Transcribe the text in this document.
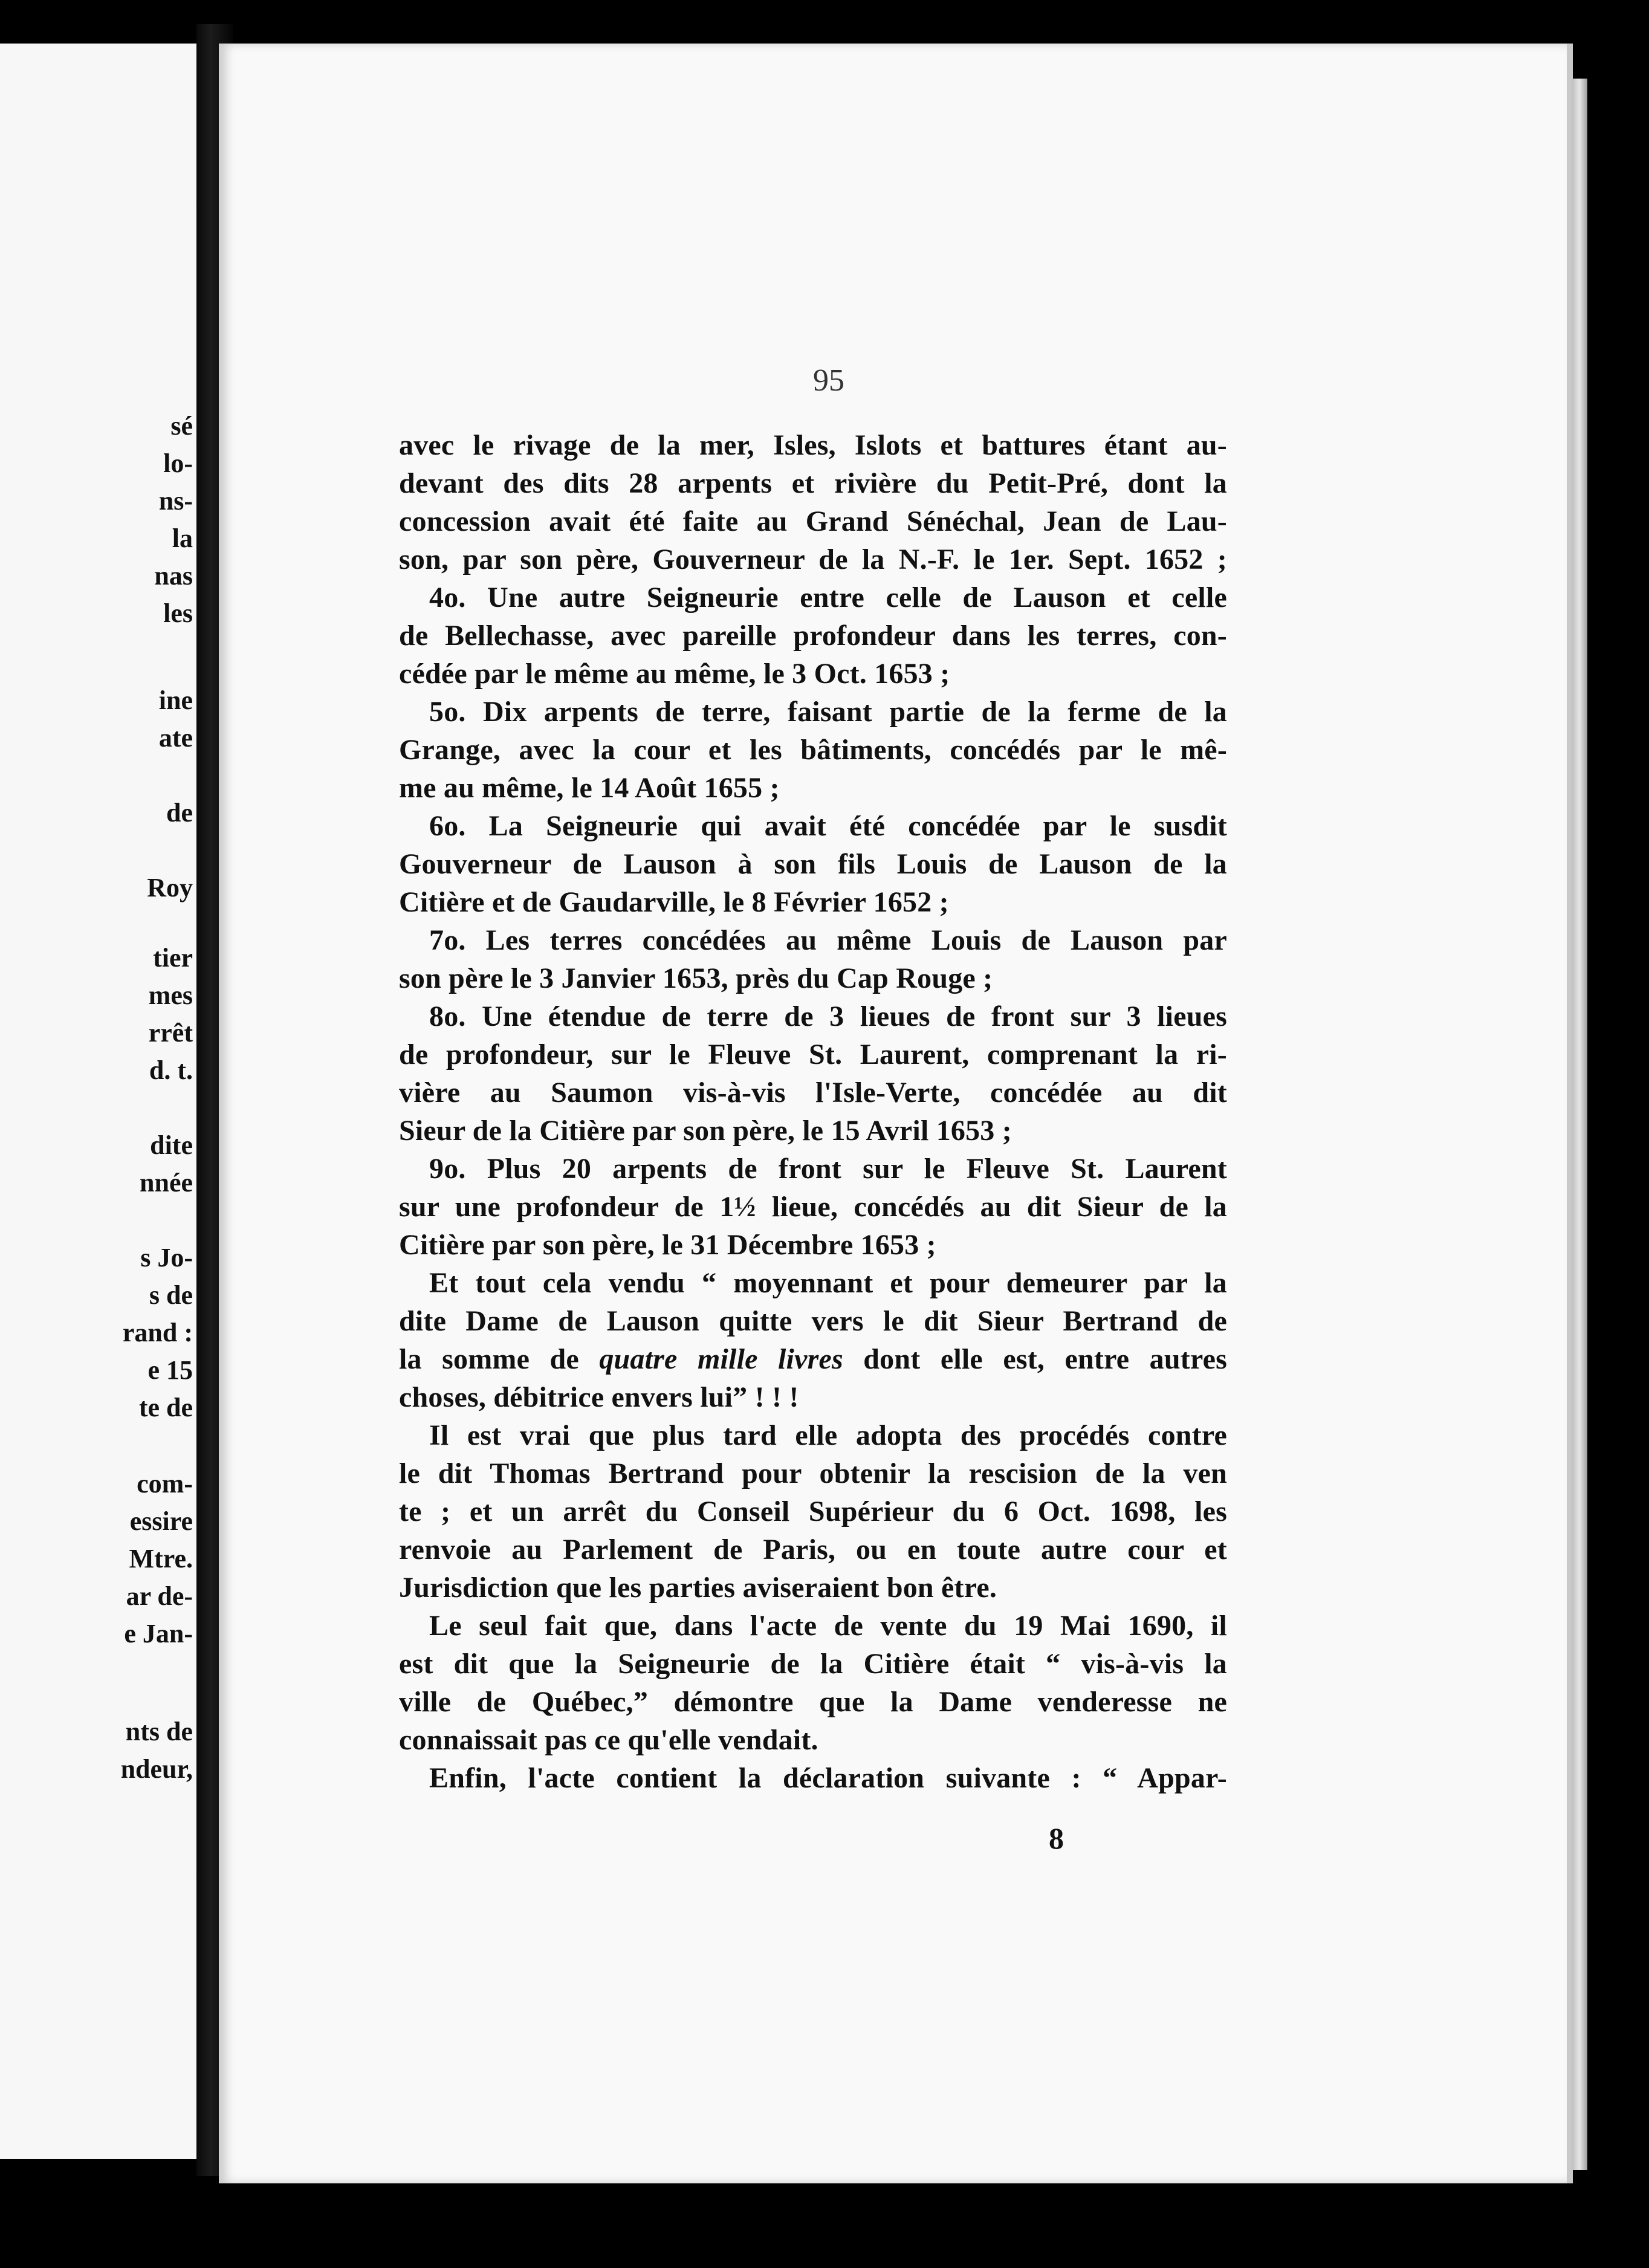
sé
lo-
ns-
la
nas
les
ine
ate
de
Roy
tier
mes
rrêt
d. t.
dite
nnée
s Jo-
s de
rand :
e 15
te de
com-
essire
Mtre.
ar de-
e Jan-
nts de
ndeur,
95
avec le rivage de la mer, Isles, Islots et battures étant au-
devant des dits 28 arpents et rivière du Petit-Pré, dont la
concession avait été faite au Grand Sénéchal, Jean de Lau-
son, par son père, Gouverneur de la N.-F. le 1er. Sept. 1652 ;
4o. Une autre Seigneurie entre celle de Lauson et celle
de Bellechasse, avec pareille profondeur dans les terres, con-
cédée par le même au même, le 3 Oct. 1653 ;
5o. Dix arpents de terre, faisant partie de la ferme de la
Grange, avec la cour et les bâtiments, concédés par le mê-
me au même, le 14 Août 1655 ;
6o. La Seigneurie qui avait été concédée par le susdit
Gouverneur de Lauson à son fils Louis de Lauson de la
Citière et de Gaudarville, le 8 Février 1652 ;
7o. Les terres concédées au même Louis de Lauson par
son père le 3 Janvier 1653, près du Cap Rouge ;
8o. Une étendue de terre de 3 lieues de front sur 3 lieues
de profondeur, sur le Fleuve St. Laurent, comprenant la ri-
vière au Saumon vis-à-vis l'Isle-Verte, concédée au dit
Sieur de la Citière par son père, le 15 Avril 1653 ;
9o. Plus 20 arpents de front sur le Fleuve St. Laurent
sur une profondeur de 1½ lieue, concédés au dit Sieur de la
Citière par son père, le 31 Décembre 1653 ;
Et tout cela vendu “ moyennant et pour demeurer par la
dite Dame de Lauson quitte vers le dit Sieur Bertrand de
la somme de quatre mille livres dont elle est, entre autres
choses, débitrice envers lui” ! ! !
Il est vrai que plus tard elle adopta des procédés contre
le dit Thomas Bertrand pour obtenir la rescision de la ven
te ; et un arrêt du Conseil Supérieur du 6 Oct. 1698, les
renvoie au Parlement de Paris, ou en toute autre cour et
Jurisdiction que les parties aviseraient bon être.
Le seul fait que, dans l'acte de vente du 19 Mai 1690, il
est dit que la Seigneurie de la Citière était “ vis-à-vis la
ville de Québec,” démontre que la Dame venderesse ne
connaissait pas ce qu'elle vendait.
Enfin, l'acte contient la déclaration suivante : “ Appar-
8
